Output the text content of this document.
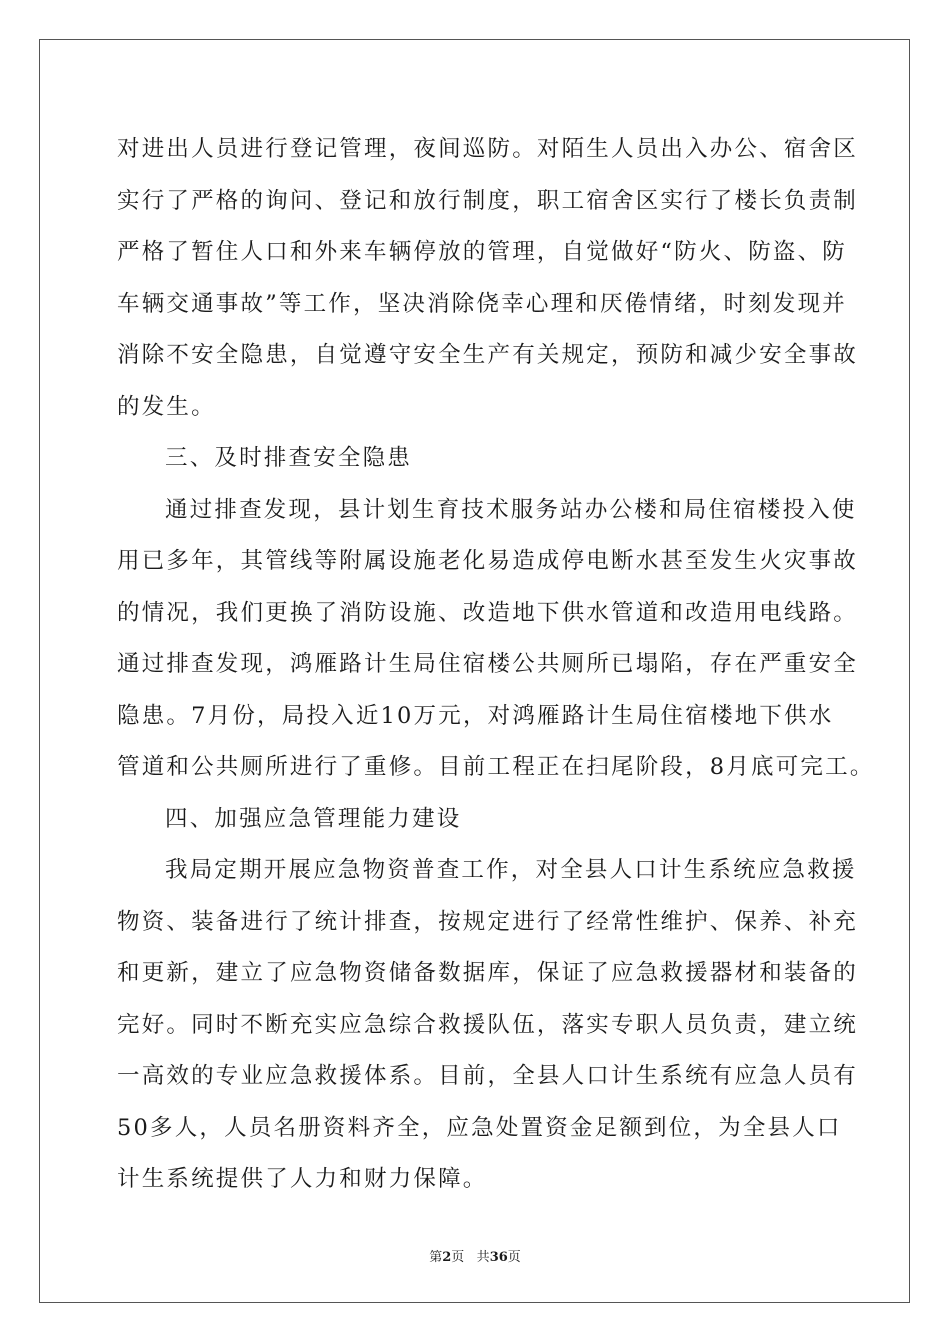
对进出人员进行登记管理，夜间巡防。对陌生人员出入办公、宿舍区
实行了严格的询问、登记和放行制度，职工宿舍区实行了楼长负责制
严格了暂住人口和外来车辆停放的管理，自觉做好“防火、防盗、防
车辆交通事故”等工作，坚决消除侥幸心理和厌倦情绪，时刻发现并
消除不安全隐患，自觉遵守安全生产有关规定，预防和减少安全事故
的发生。
三、及时排查安全隐患
通过排查发现，县计划生育技术服务站办公楼和局住宿楼投入使
用已多年，其管线等附属设施老化易造成停电断水甚至发生火灾事故
的情况，我们更换了消防设施、改造地下供水管道和改造用电线路。
通过排查发现，鸿雁路计生局住宿楼公共厕所已塌陷，存在严重安全
隐患。7月份，局投入近10万元，对鸿雁路计生局住宿楼地下供水
管道和公共厕所进行了重修。目前工程正在扫尾阶段，8月底可完工。
四、加强应急管理能力建设
我局定期开展应急物资普查工作，对全县人口计生系统应急救援
物资、装备进行了统计排查，按规定进行了经常性维护、保养、补充
和更新，建立了应急物资储备数据库，保证了应急救援器材和装备的
完好。同时不断充实应急综合救援队伍，落实专职人员负责，建立统
一高效的专业应急救援体系。目前，全县人口计生系统有应急人员有
50多人，人员名册资料齐全，应急处置资金足额到位，为全县人口
计生系统提供了人力和财力保障。
第2页 共36页
